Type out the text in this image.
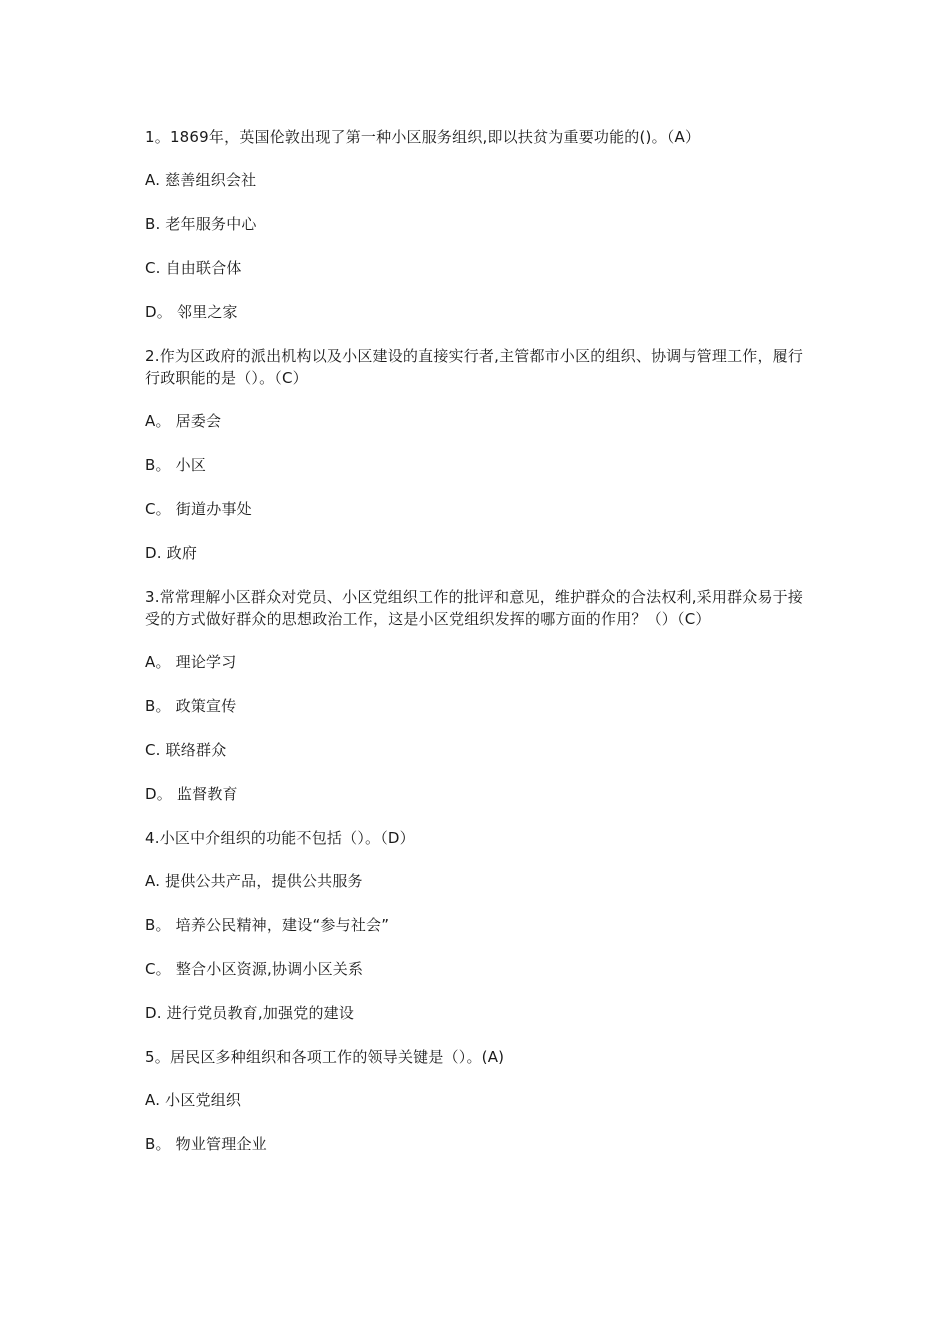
1。1869年，英国伦敦出现了第一种小区服务组织,即以扶贫为重要功能的()。（A）

A. 慈善组织会社

B. 老年服务中心

C. 自由联合体

D。 邻里之家

2.作为区政府的派出机构以及小区建设的直接实行者,主管都市小区的组织、协调与管理工作，履行行政职能的是（）。（C）

A。 居委会

B。 小区

C。 街道办事处

D. 政府

3.常常理解小区群众对党员、小区党组织工作的批评和意见，维护群众的合法权利,采用群众易于接受的方式做好群众的思想政治工作，这是小区党组织发挥的哪方面的作用？（）（C）

A。 理论学习

B。 政策宣传

C. 联络群众

D。 监督教育

4.小区中介组织的功能不包括（）。（D）

A. 提供公共产品，提供公共服务

B。 培养公民精神，建设“参与社会”

C。 整合小区资源,协调小区关系

D. 进行党员教育,加强党的建设

5。居民区多种组织和各项工作的领导关键是（）。(A)

A. 小区党组织

B。 物业管理企业
